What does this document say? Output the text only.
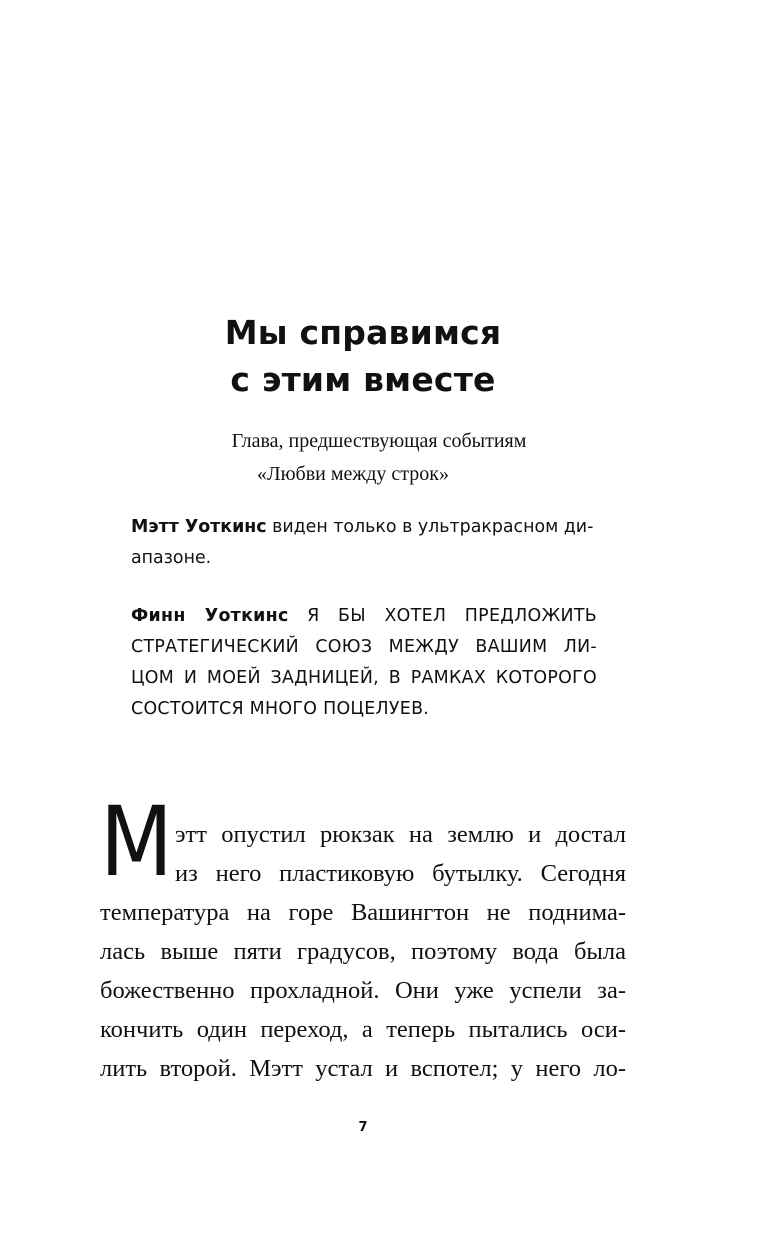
Мы справимся
с этим вместе

Глава, предшествующая событиям

«Любви между строк»

Мэтт Уоткинс виден только в ультракрасном ди-
апазоне.
Финн Уоткинс Я БЫ ХОТЕЛ ПРЕДЛОЖИТЬ
СТРАТЕГИЧЕСКИЙ СОЮЗ МЕЖДУ ВАШИМ ЛИ-
ЦОМ И МОЕЙ ЗАДНИЦЕЙ, В РАМКАХ КОТОРОГО
СОСТОИТСЯ МНОГО ПОЦЕЛУЕВ.
М этт опустил рюкзак на землю и достал
из него пластиковую бутылку. Сегодня
температура на горе Вашингтон не поднима-
лась выше пяти градусов, поэтому вода была
божественно прохладной. Они уже успели за-
кончить один переход, а теперь пытались оси-
лить второй. Мэтт устал и вспотел; у него ло-
7
